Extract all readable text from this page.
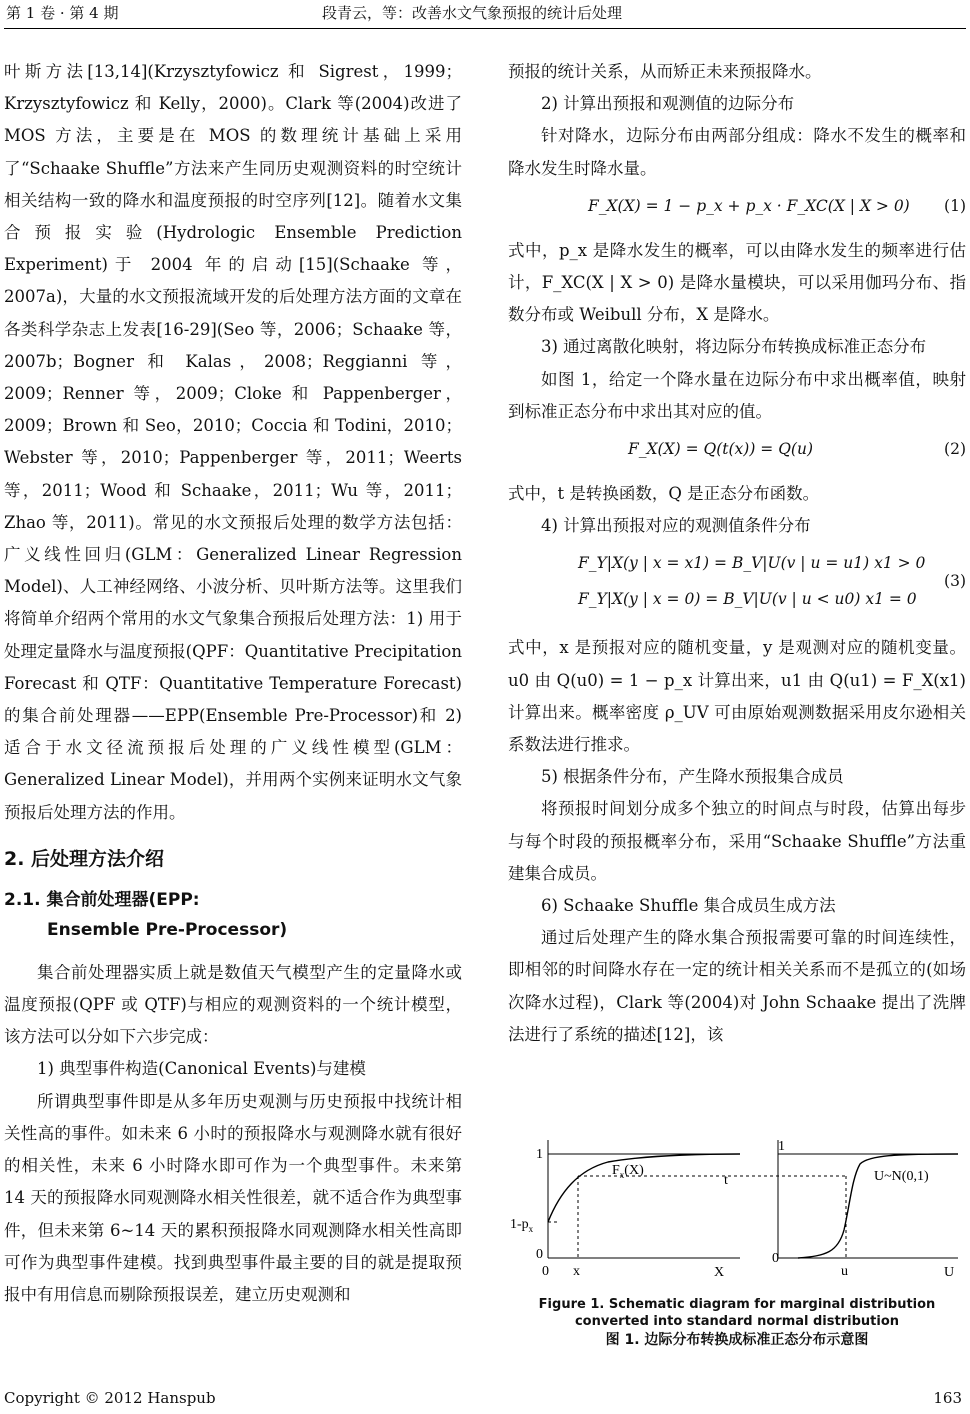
第 1 卷 · 第 4 期	段青云，等：改善水文气象预报的统计后处理

叶斯方法[13,14](Krzysztyfowicz 和 Sigrest，1999；Krzysztyfowicz 和 Kelly，2000)。Clark 等(2004)改进了 MOS 方法，主要是在 MOS 的数理统计基础上采用了“Schaake Shuffle”方法来产生同历史观测资料的时空统计相关结构一致的降水和温度预报的时空序列[12]。随着水文集合预报实验(Hydrologic Ensemble Prediction Experiment)于 2004 年的启动[15](Schaake 等，2007a)，大量的水文预报流域开发的后处理方法方面的文章在各类科学杂志上发表[16-29](Seo 等，2006；Schaake 等，2007b；Bogner 和 Kalas，2008；Reggianni 等，2009；Renner 等，2009；Cloke 和 Pappenberger，2009；Brown 和 Seo，2010；Coccia 和 Todini，2010；Webster 等，2010；Pappenberger 等，2011；Weerts 等，2011；Wood 和 Schaake，2011；Wu 等，2011；Zhao 等，2011)。常见的水文预报后处理的数学方法包括：广义线性回归(GLM：Generalized Linear Regression Model)、人工神经网络、小波分析、贝叶斯方法等。这里我们将简单介绍两个常用的水文气象集合预报后处理方法：1) 用于处理定量降水与温度预报(QPF：Quantitative Precipitation Forecast 和 QTF：Quantitative Temperature Forecast)的集合前处理器——EPP(Ensemble Pre-Processor)和 2) 适合于水文径流预报后处理的广义线性模型(GLM：Generalized Linear Model)，并用两个实例来证明水文气象预报后处理方法的作用。

2. 后处理方法介绍
2.1. 集合前处理器(EPP:
Ensemble Pre-Processor)

集合前处理器实质上就是数值天气模型产生的定量降水或温度预报(QPF 或 QTF)与相应的观测资料的一个统计模型，该方法可以分如下六步完成：

1) 典型事件构造(Canonical Events)与建模

所谓典型事件即是从多年历史观测与历史预报中找统计相关性高的事件。如未来 6 小时的预报降水与观测降水就有很好的相关性，未来 6 小时降水即可作为一个典型事件。未来第 14 天的预报降水同观测降水相关性很差，就不适合作为典型事件，但未来第 6~14 天的累积预报降水同观测降水相关性高即可作为典型事件建模。找到典型事件最主要的目的就是提取预报中有用信息而剔除预报误差，建立历史观测和

预报的统计关系，从而矫正未来预报降水。

2) 计算出预报和观测值的边际分布

针对降水，边际分布由两部分组成：降水不发生的概率和降水发生时降水量。

F_X(X) = 1 − p_x + p_x · F_XC(X | X > 0) (1)

式中，p_x 是降水发生的概率，可以由降水发生的频率进行估计，F_XC(X | X > 0) 是降水量模块，可以采用伽玛分布、指数分布或 Weibull 分布，X 是降水。

3) 通过离散化映射，将边际分布转换成标准正态分布

如图 1，给定一个降水量在边际分布中求出概率值，映射到标准正态分布中求出其对应的值。

F_X(X) = Q(t(x)) = Q(u)	(2)

式中，t 是转换函数，Q 是正态分布函数。

4) 计算出预报对应的观测值条件分布

F_Y|X(y | x = x1) = B_V|U(v | u = u1) x1 > 0
F_Y|X(y | x = 0) = B_V|U(v | u < u0) x1 = 0
(3)

式中，x 是预报对应的随机变量，y 是观测对应的随机变量。u0 由 Q(u0) = 1 − p_x 计算出来，u1 由 Q(u1) = F_X(x1) 计算出来。概率密度 ρ_UV 可由原始观测数据采用皮尔逊相关系数法进行推求。

5) 根据条件分布，产生降水预报集合成员

将预报时间划分成多个独立的时间点与时段，估算出每步与每个时段的预报概率分布，采用“Schaake Shuffle”方法重建集合成员。

6) Schaake Shuffle 集合成员生成方法

通过后处理产生的降水集合预报需要可靠的时间连续性，即相邻的时间降水存在一定的统计相关关系而不是孤立的(如场次降水过程)，Clark 等(2004)对 John Schaake 提出了洗牌法进行了系统的描述[12]，该

1
$1-p_x$
0
0 x	X
$F_x(X)$
t
1
0
u	U
U~N(0,1)
Figure 1. Schematic diagram for marginal distribution converted into standard normal distribution
图 1. 边际分布转换成标准正态分布示意图
Copyright © 2012 Hanspub	163
